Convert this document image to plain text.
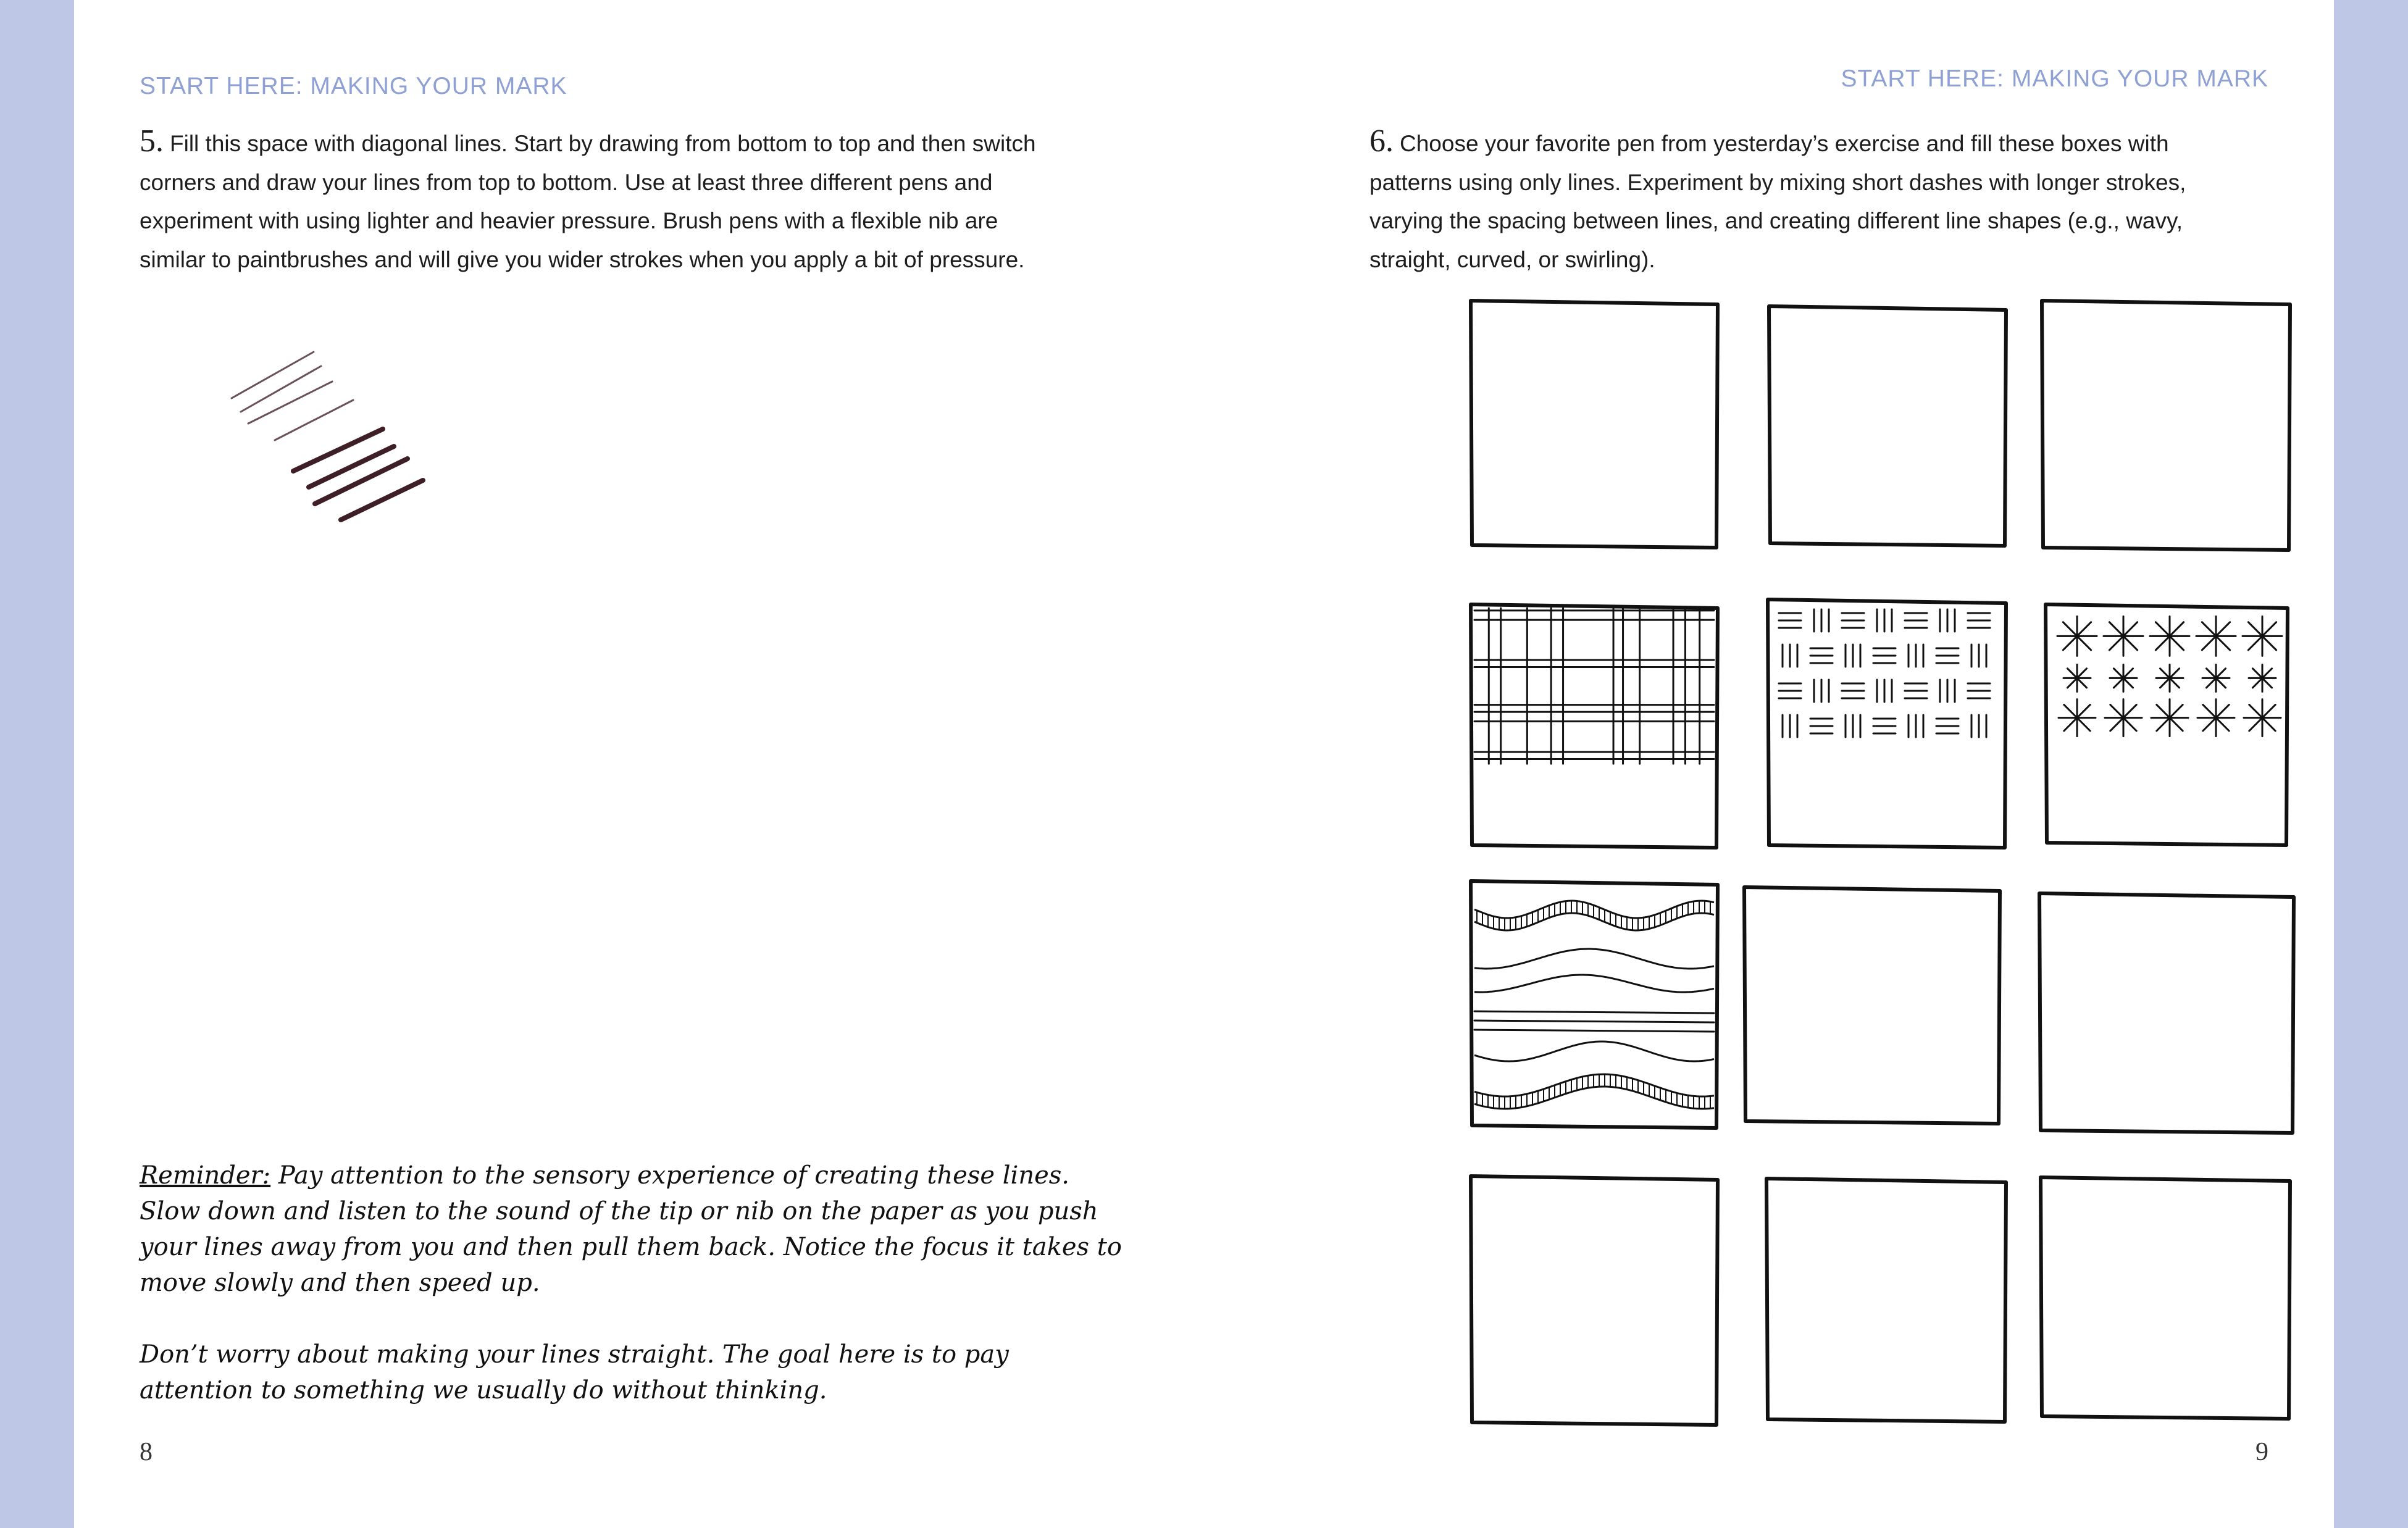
START HERE: MAKING YOUR MARK
5. Fill this space with diagonal lines. Start by drawing from bottom to top and then switch corners and draw your lines from top to bottom. Use at least three different pens and experiment with using lighter and heavier pressure. Brush pens with a flexible nib are similar to paintbrushes and will give you wider strokes when you apply a bit of pressure.

Reminder: Pay attention to the sensory experience of creating these lines. Slow down and listen to the sound of the tip or nib on the paper as you push your lines away from you and then pull them back. Notice the focus it takes to move slowly and then speed up.

Don’t worry about making your lines straight. The goal here is to pay attention to something we usually do without thinking.

8
START HERE: MAKING YOUR MARK
6. Choose your favorite pen from yesterday’s exercise and fill these boxes with patterns using only lines. Experiment by mixing short dashes with longer strokes, varying the spacing between lines, and creating different line shapes (e.g., wavy, straight, curved, or swirling).
9
